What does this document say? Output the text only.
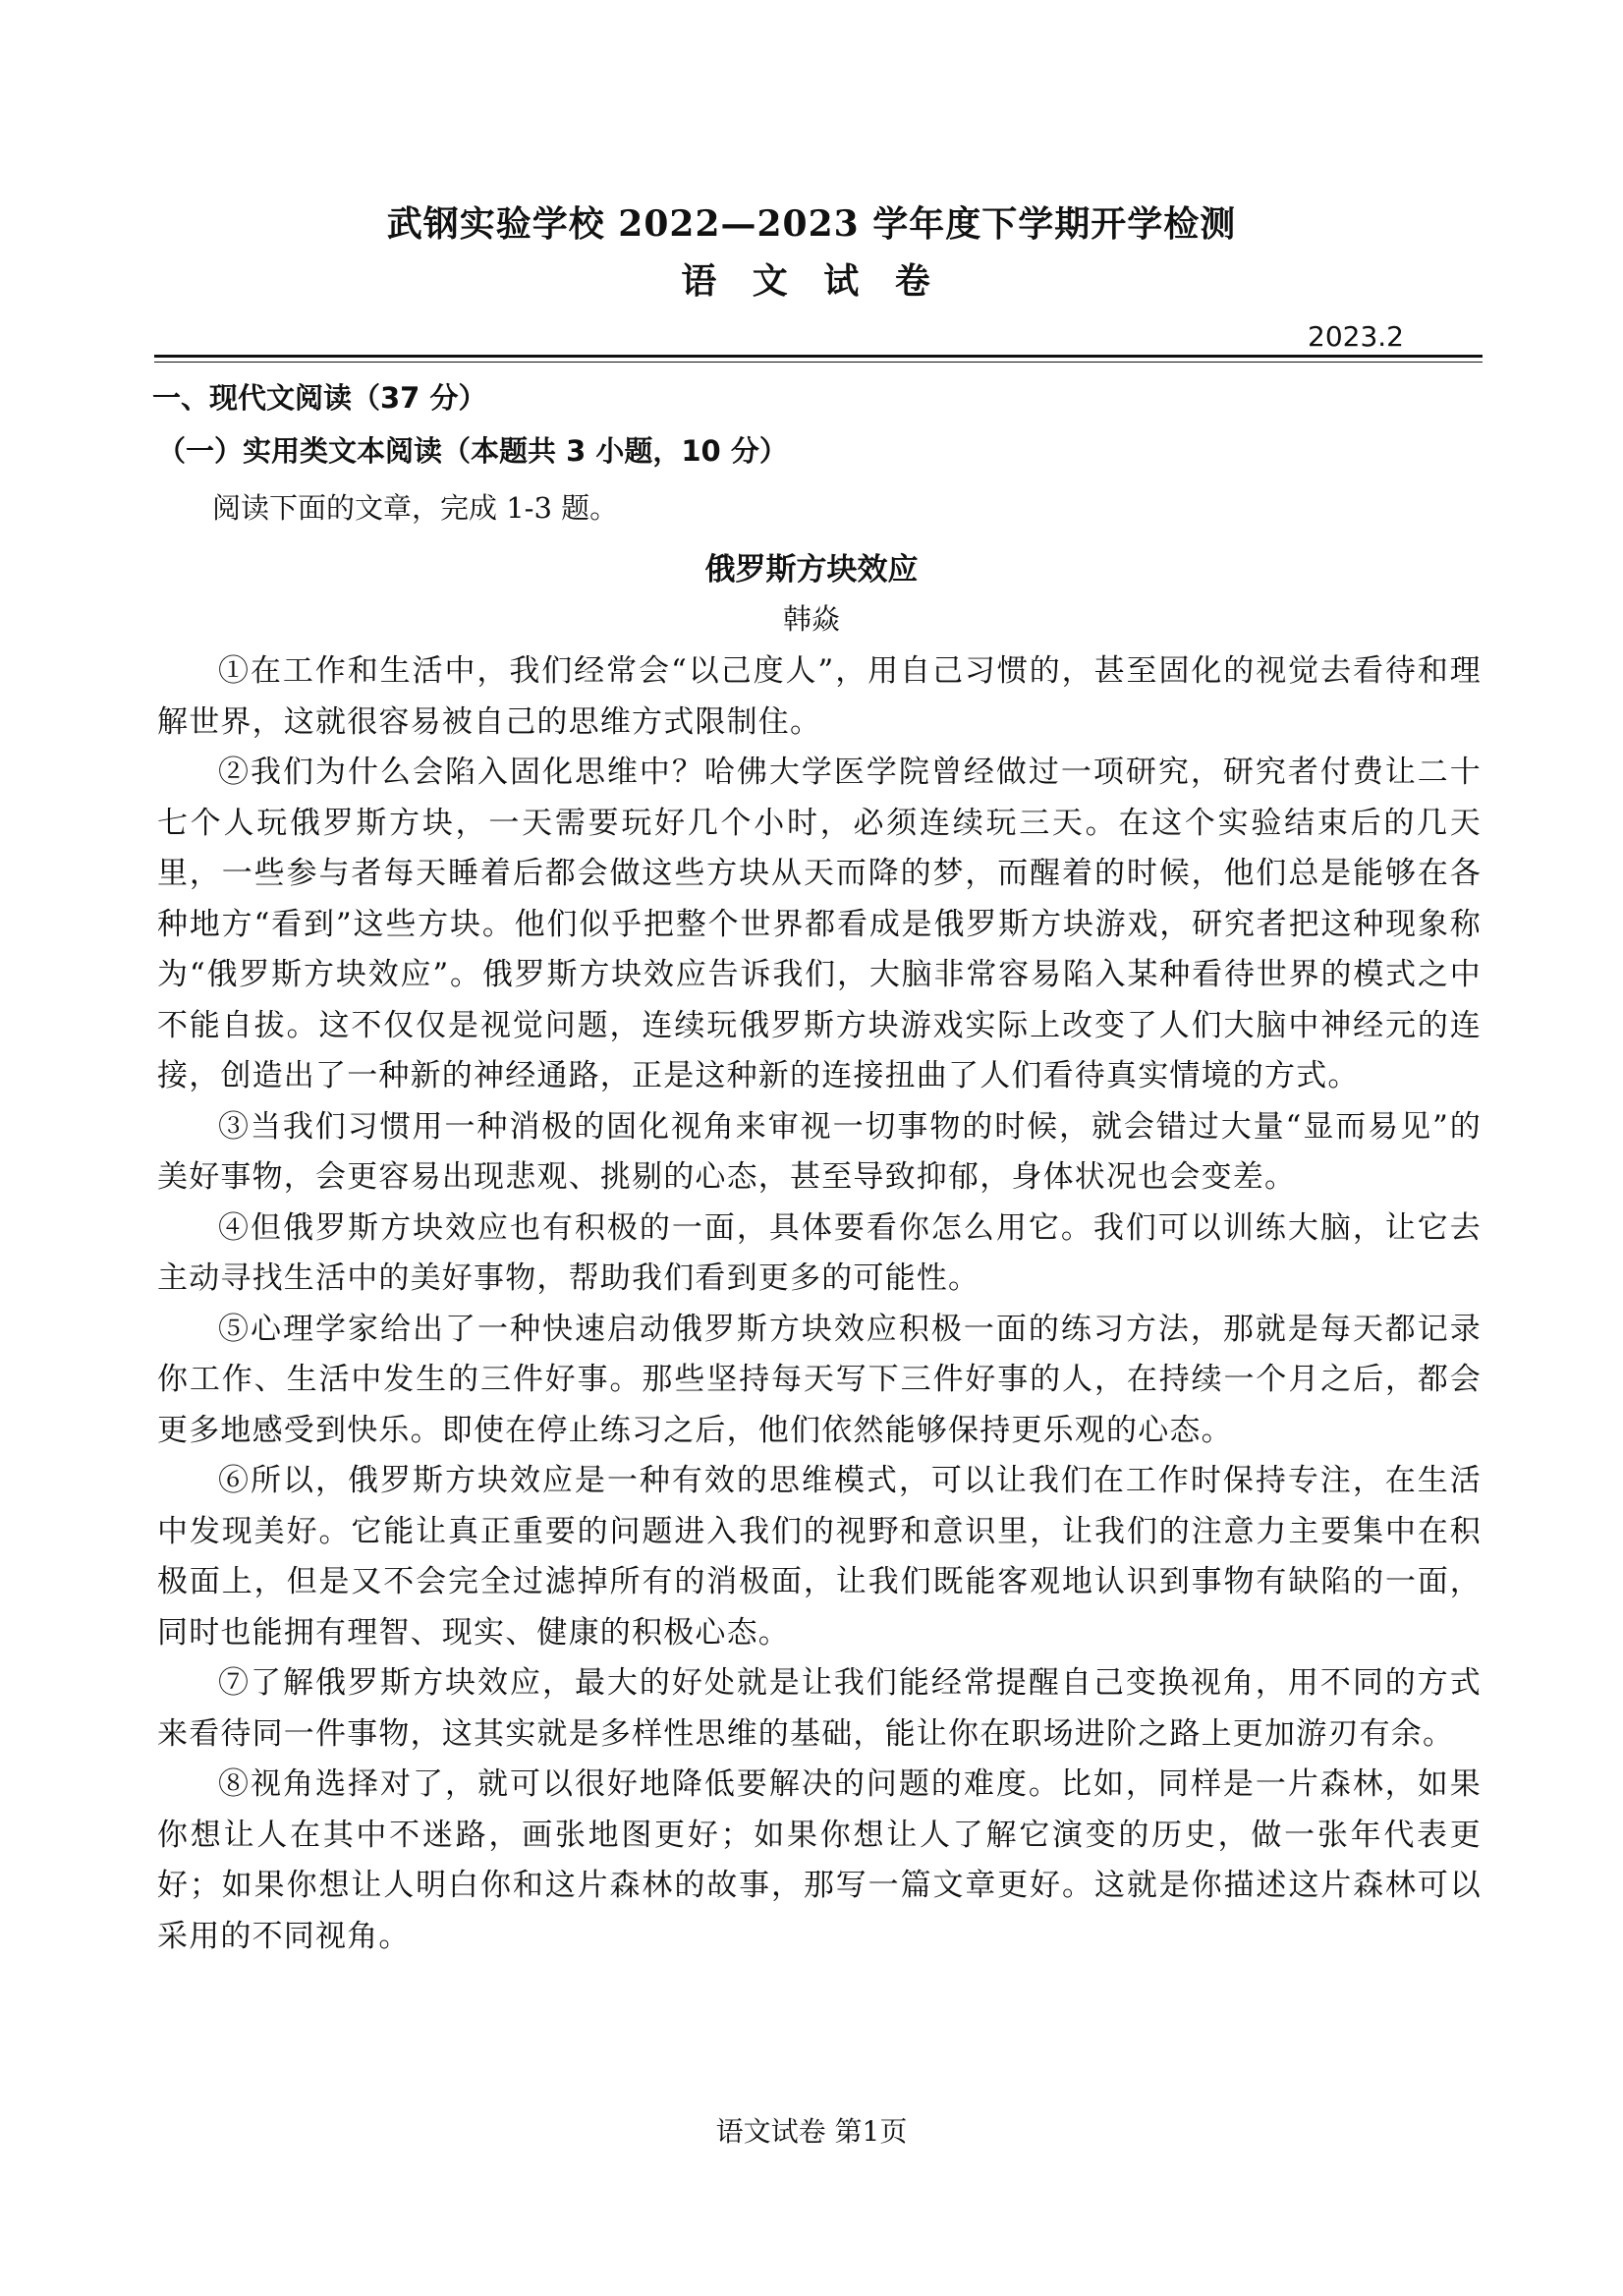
武钢实验学校 2022—2023 学年度下学期开学检测
语 文 试 卷
2023.2
一、现代文阅读（37 分）
（一）实用类文本阅读（本题共 3 小题，10 分）
阅读下面的文章，完成 1-3 题。
俄罗斯方块效应
韩焱

①在工作和生活中，我们经常会“以己度人”，用自己习惯的，甚至固化的视觉去看待和理解世界，这就很容易被自己的思维方式限制住。

②我们为什么会陷入固化思维中？哈佛大学医学院曾经做过一项研究，研究者付费让二十七个人玩俄罗斯方块，一天需要玩好几个小时，必须连续玩三天。在这个实验结束后的几天里，一些参与者每天睡着后都会做这些方块从天而降的梦，而醒着的时候，他们总是能够在各种地方“看到”这些方块。他们似乎把整个世界都看成是俄罗斯方块游戏，研究者把这种现象称为“俄罗斯方块效应”。俄罗斯方块效应告诉我们，大脑非常容易陷入某种看待世界的模式之中不能自拔。这不仅仅是视觉问题，连续玩俄罗斯方块游戏实际上改变了人们大脑中神经元的连接，创造出了一种新的神经通路，正是这种新的连接扭曲了人们看待真实情境的方式。

③当我们习惯用一种消极的固化视角来审视一切事物的时候，就会错过大量“显而易见”的美好事物，会更容易出现悲观、挑剔的心态，甚至导致抑郁，身体状况也会变差。

④但俄罗斯方块效应也有积极的一面，具体要看你怎么用它。我们可以训练大脑，让它去主动寻找生活中的美好事物，帮助我们看到更多的可能性。

⑤心理学家给出了一种快速启动俄罗斯方块效应积极一面的练习方法，那就是每天都记录你工作、生活中发生的三件好事。那些坚持每天写下三件好事的人，在持续一个月之后，都会更多地感受到快乐。即使在停止练习之后，他们依然能够保持更乐观的心态。

⑥所以，俄罗斯方块效应是一种有效的思维模式，可以让我们在工作时保持专注，在生活中发现美好。它能让真正重要的问题进入我们的视野和意识里，让我们的注意力主要集中在积极面上，但是又不会完全过滤掉所有的消极面，让我们既能客观地认识到事物有缺陷的一面，同时也能拥有理智、现实、健康的积极心态。

⑦了解俄罗斯方块效应，最大的好处就是让我们能经常提醒自己变换视角，用不同的方式来看待同一件事物，这其实就是多样性思维的基础，能让你在职场进阶之路上更加游刃有余。

⑧视角选择对了，就可以很好地降低要解决的问题的难度。比如，同样是一片森林，如果你想让人在其中不迷路，画张地图更好；如果你想让人了解它演变的历史，做一张年代表更好；如果你想让人明白你和这片森林的故事，那写一篇文章更好。这就是你描述这片森林可以采用的不同视角。

语文试卷 第1页
